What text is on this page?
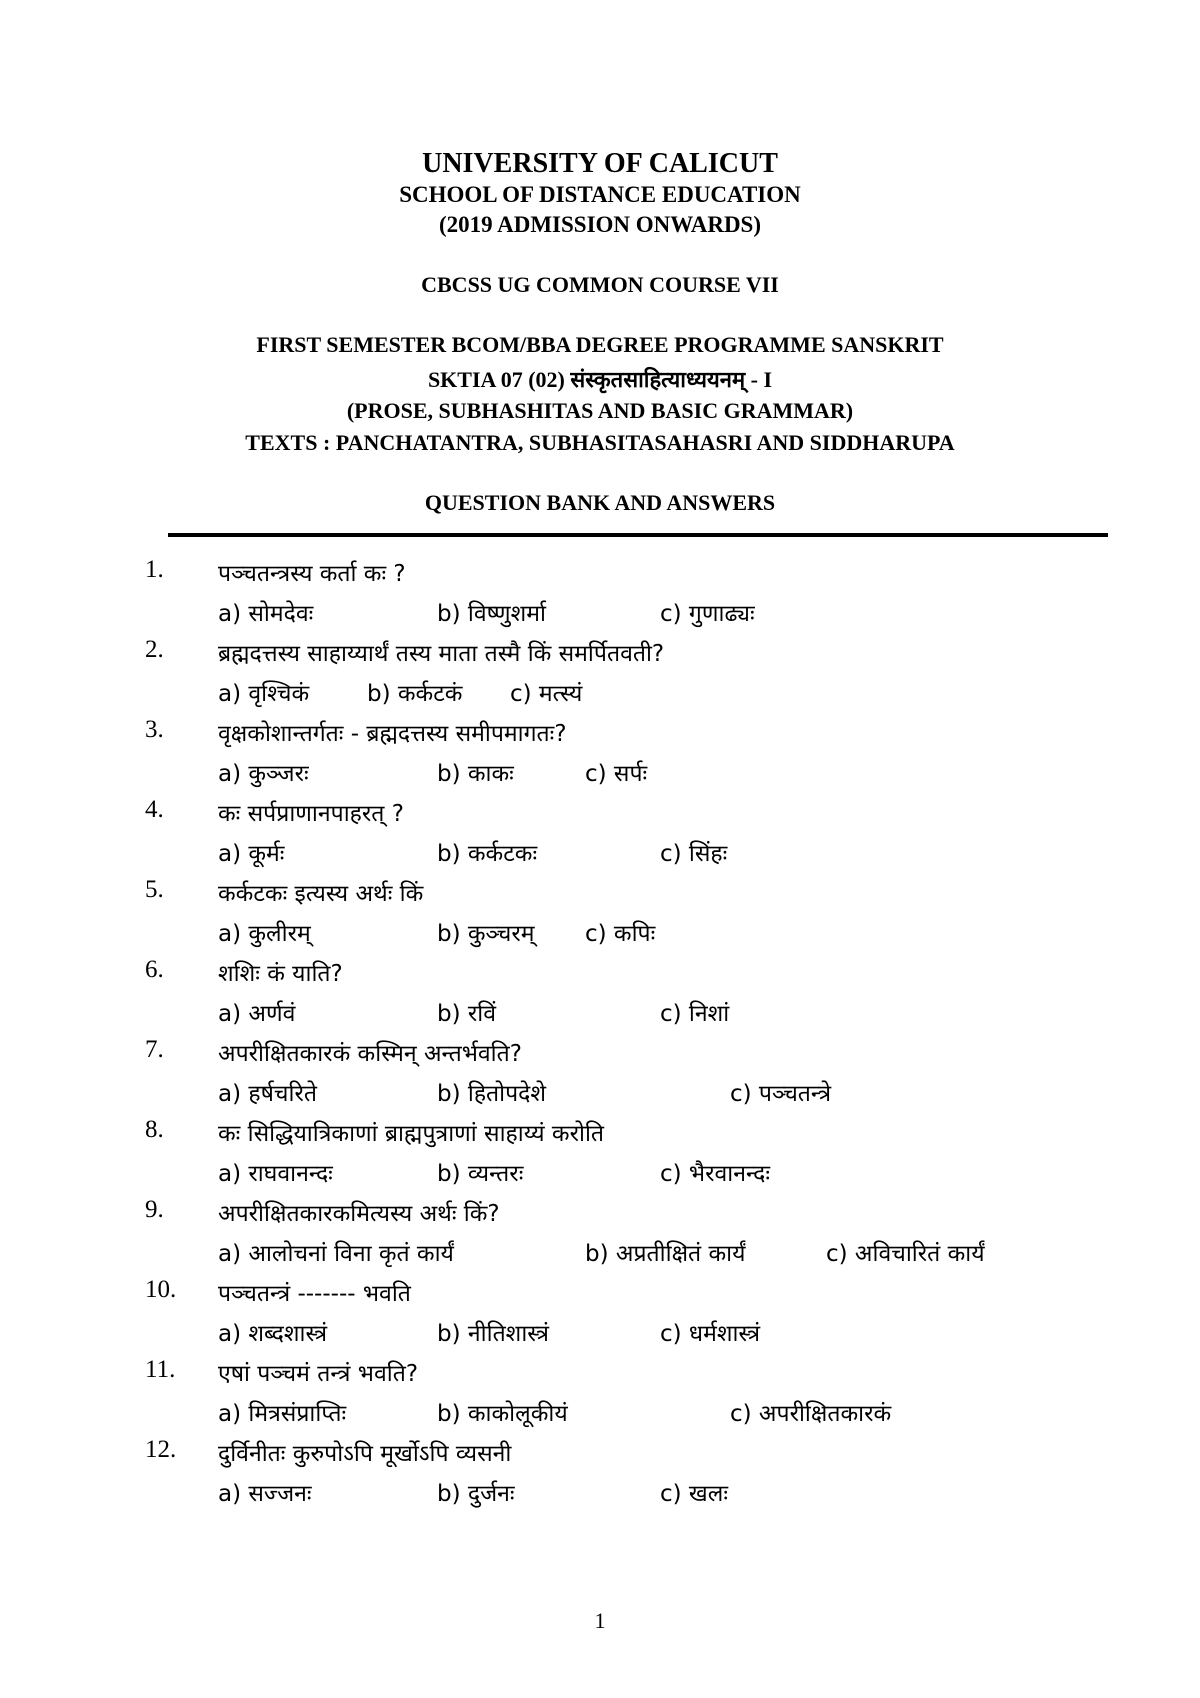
UNIVERSITY OF CALICUT
SCHOOL OF DISTANCE EDUCATION
(2019 ADMISSION ONWARDS)
CBCSS UG COMMON COURSE VII
FIRST SEMESTER BCOM/BBA DEGREE PROGRAMME SANSKRIT
SKTIA 07 (02) संस्कृतसाहित्याध्ययनम् - I
(PROSE, SUBHASHITAS AND BASIC GRAMMAR)
TEXTS : PANCHATANTRA, SUBHASITASAHASRI AND SIDDHARUPA
QUESTION BANK AND ANSWERS
1. पञ्चतन्त्रस्य कर्ता कः ?
a) सोमदेवः	b) विष्णुशर्मा	c) गुणाढ्यः
2. ब्रह्मदत्तस्य साहाय्यार्थं तस्य माता तस्मै किं समर्पितवती?
a) वृश्चिकं	b) कर्कटकं c) मत्स्यं
3. वृक्षकोशान्तर्गतः - ब्रह्मदत्तस्य समीपमागतः?
a) कुञ्जरः	b) काकः	c) सर्पः
4. कः सर्पप्राणानपाहरत् ?
a) कूर्मः	b) कर्कटकः	c) सिंहः
5. कर्कटकः इत्यस्य अर्थः किं
a) कुलीरम्	b) कुञ्चरम् c) कपिः
6. शशिः कं याति?
a) अर्णवं	b) रविं	c) निशां
7. अपरीक्षितकारकं कस्मिन् अन्तर्भवति?
a) हर्षचरिते	b) हितोपदेशे	c) पञ्चतन्त्रे
8. कः सिद्धियात्रिकाणां ब्राह्मपुत्राणां साहाय्यं करोति
a) राघवानन्दः	b) व्यन्तरः	c) भैरवानन्दः
9. अपरीक्षितकारकमित्यस्य अर्थः किं?
a) आलोचनां विना कृतं कार्यं	b) अप्रतीक्षितं कार्यं	c) अविचारितं कार्यं
10. पञ्चतन्त्रं ------- भवति
a) शब्दशास्त्रं	b) नीतिशास्त्रं	c) धर्मशास्त्रं
11. एषां पञ्चमं तन्त्रं भवति?
a) मित्रसंप्राप्तिः	b) काकोलूकीयं	c) अपरीक्षितकारकं
12. दुर्विनीतः कुरुपोऽपि मूर्खोऽपि व्यसनी
a) सज्जनः	b) दुर्जनः	c) खलः
1
